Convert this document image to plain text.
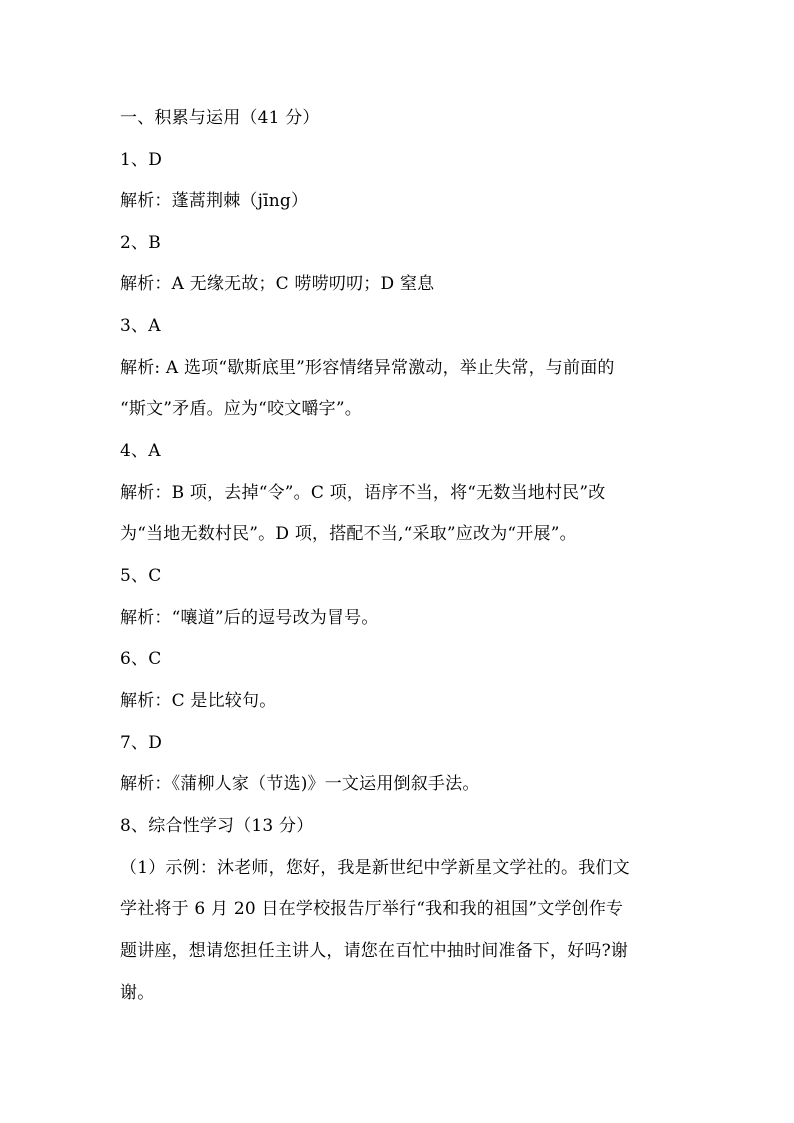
一、积累与运用（41 分）
1、D
解析：蓬蒿荆棘（jīng）
2、B
解析：A 无缘无故；C 唠唠叨叨；D 窒息
3、A
解析: A 选项“歇斯底里”形容情绪异常激动，举止失常，与前面的
“斯文”矛盾。应为“咬文嚼字”。
4、A
解析：B 项，去掉“令”。C 项，语序不当，将“无数当地村民”改
为“当地无数村民”。D 项，搭配不当,“采取”应改为“开展”。
5、C
解析：“嚷道”后的逗号改为冒号。
6、C
解析：C 是比较句。
7、D
解析：《蒲柳人家（节选)》一文运用倒叙手法。
8、综合性学习（13 分）
（1）示例：沐老师，您好，我是新世纪中学新星文学社的。我们文
学社将于 6 月 20 日在学校报告厅举行“我和我的祖国”文学创作专
题讲座，想请您担任主讲人，请您在百忙中抽时间准备下，好吗?谢
谢。
